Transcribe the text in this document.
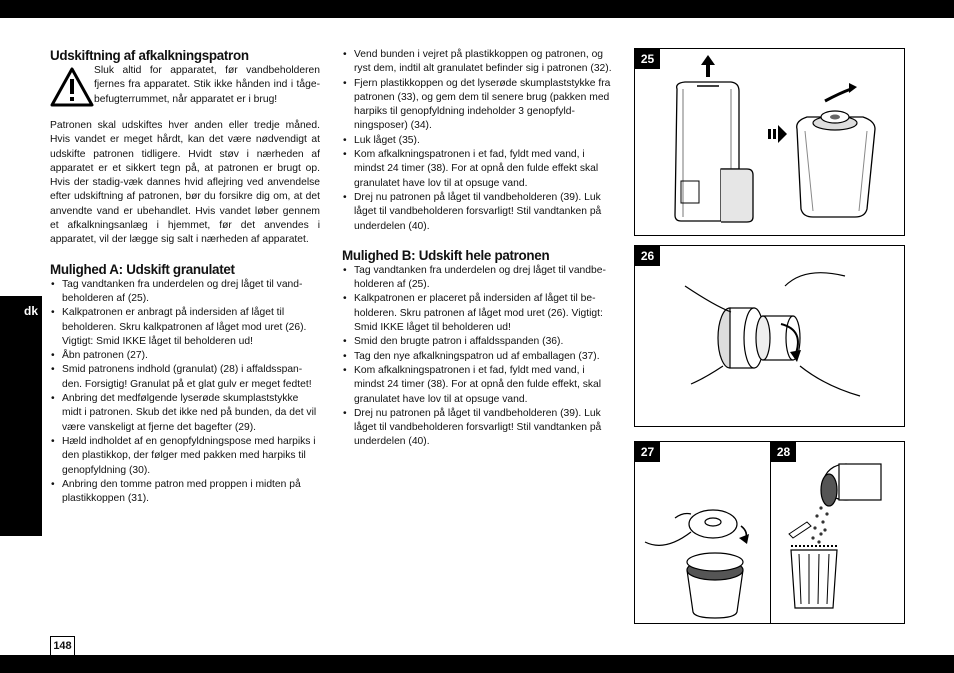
dk
148
Udskiftning af afkalkningspatron
Sluk altid for apparatet, før vandbeholderen fjernes fra apparatet. Stik ikke hånden ind i tåge-befugterrummet, når apparatet er i brug!

Patronen skal udskiftes hver anden eller tredje måned. Hvis vandet er meget hårdt, kan det være nødvendigt at udskifte patronen tidligere. Hvidt støv i nærheden af apparatet er et sikkert tegn på, at patronen er brugt op. Hvis der stadig-væk dannes hvid aflejring ved anvendelse efter udskiftning af patronen, bør du forsikre dig om, at det anvendte vand er ubehandlet. Hvis vandet løber gennem et afkalkningsanlæg i hjemmet, før det anvendes i apparatet, vil der lægge sig salt i nærheden af apparatet.

Mulighed A: Udskift granulatet
• Tag vandtanken fra underdelen og drej låget til vand-beholderen af (25).
• Kalkpatronen er anbragt på indersiden af låget til beholderen. Skru kalkpatronen af låget mod uret (26). Vigtigt: Smid IKKE låget til beholderen ud!
• Åbn patronen (27).
• Smid patronens indhold (granulat) (28) i affaldsspan-den. Forsigtig! Granulat på et glat gulv er meget fedtet!
• Anbring det medfølgende lyserøde skumplaststykke midt i patronen. Skub det ikke ned på bunden, da det vil være vanskeligt at fjerne det bagefter (29).
• Hæld indholdet af en genopfyldningspose med harpiks i den plastikkop, der følger med pakken med harpiks til genopfyldning (30).
• Anbring den tomme patron med proppen i midten på plastikkoppen (31).
• Vend bunden i vejret på plastikkoppen og patronen, og ryst dem, indtil alt granulatet befinder sig i patronen (32).
• Fjern plastikkoppen og det lyserøde skumplaststykke fra patronen (33), og gem dem til senere brug (pakken med harpiks til genopfyldning indeholder 3 genopfyld-ningsposer) (34).
• Luk låget (35).
• Kom afkalkningspatronen i et fad, fyldt med vand, i mindst 24 timer (38). For at opnå den fulde effekt skal granulatet have lov til at opsuge vand.
• Drej nu patronen på låget til vandbeholderen (39). Luk låget til vandbeholderen forsvarligt! Stil vandtanken på underdelen (40).
Mulighed B: Udskift hele patronen
• Tag vandtanken fra underdelen og drej låget til vandbe-holderen af (25).
• Kalkpatronen er placeret på indersiden af låget til be-holderen. Skru patronen af låget mod uret (26). Vigtigt: Smid IKKE låget til beholderen ud!
• Smid den brugte patron i affaldsspanden (36).
• Tag den nye afkalkningspatron ud af emballagen (37).
• Kom afkalkningspatronen i et fad, fyldt med vand, i mindst 24 timer (38). For at opnå den fulde effekt, skal granulatet have lov til at opsuge vand.
• Drej nu patronen på låget til vandbeholderen (39). Luk låget til vandbeholderen forsvarligt! Stil vandtanken på underdelen (40).
25
26
27	28
